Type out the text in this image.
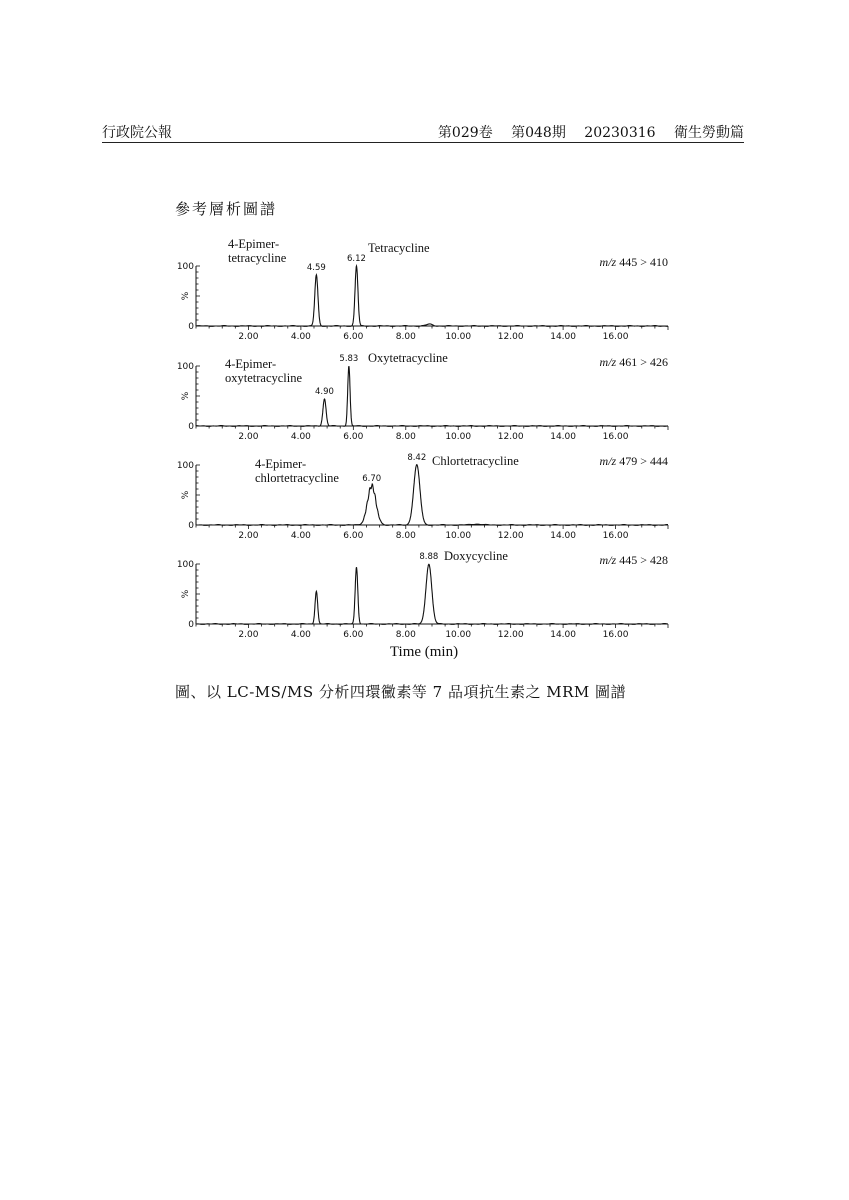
行政院公報	第029卷 第048期 20230316 衛生勞動篇
參考層析圖譜
100
0
%
2.00	4.00	6.00	8.00	10.00	12.00	14.00	16.00
4.59
4-Epimer-tetracycline	6.12
Tetracycline
m/z 445 > 410
100
0
%
2.00	4.00	6.00	8.00	10.00	12.00	14.00	16.00
4.90
4-Epimer-oxytetracycline
5.83 Oxytetracycline	m/z 461 > 426
100
0
%
2.00	4.00	6.00	8.00	10.00	12.00	14.00	16.00
6.70
4-Epimer-chlortetracycline
8.42 Chlortetracycline	m/z 479 > 444
100
0
%
2.00	4.00	6.00	8.00	10.00	12.00	14.00	16.00
8.88 Doxycycline	m/z 445 > 428
Time (min)
圖、以 LC-MS/MS 分析四環黴素等 7 品項抗生素之 MRM 圖譜
